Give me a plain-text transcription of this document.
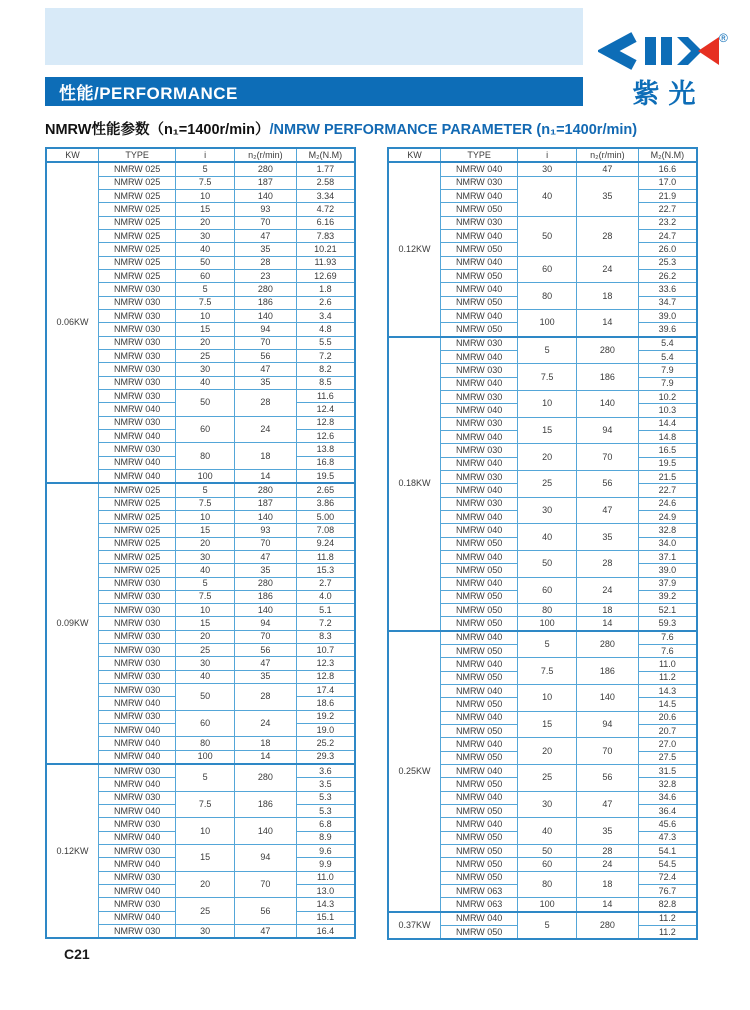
性能/PERFORMANCE
®
紫光
NMRW性能参数（n₁=1400r/min）/NMRW PERFORMANCE PARAMETER (n₁=1400r/min)
KW	TYPE	i	n₂(r/min)	M₂(N.M)
0.06KW	NMRW 025	5	280	1.77
	NMRW 025	7.5	187	2.58
	NMRW 025	10	140	3.34
	NMRW 025	15	93	4.72
	NMRW 025	20	70	6.16
	NMRW 025	30	47	7.83
	NMRW 025	40	35	10.21
	NMRW 025	50	28	11.93
	NMRW 025	60	23	12.69
	NMRW 030	5	280	1.8
	NMRW 030	7.5	186	2.6
	NMRW 030	10	140	3.4
	NMRW 030	15	94	4.8
	NMRW 030	20	70	5.5
	NMRW 030	25	56	7.2
	NMRW 030	30	47	8.2
	NMRW 030	40	35	8.5
	NMRW 030	50	28	11.6
	NMRW 040			12.4
	NMRW 030	60	24	12.8
	NMRW 040			12.6
	NMRW 030	80	18	13.8
	NMRW 040			16.8
	NMRW 040	100	14	19.5
0.09KW	NMRW 025	5	280	2.65
	NMRW 025	7.5	187	3.86
	NMRW 025	10	140	5.00
	NMRW 025	15	93	7.08
	NMRW 025	20	70	9.24
	NMRW 025	30	47	11.8
	NMRW 025	40	35	15.3
	NMRW 030	5	280	2.7
	NMRW 030	7.5	186	4.0
	NMRW 030	10	140	5.1
	NMRW 030	15	94	7.2
	NMRW 030	20	70	8.3
	NMRW 030	25	56	10.7
	NMRW 030	30	47	12.3
	NMRW 030	40	35	12.8
	NMRW 030	50	28	17.4
	NMRW 040			18.6
	NMRW 030	60	24	19.2
	NMRW 040			19.0
	NMRW 040	80	18	25.2
	NMRW 040	100	14	29.3
0.12KW	NMRW 030	5	280	3.6
	NMRW 040			3.5
	NMRW 030	7.5	186	5.3
	NMRW 040			5.3
	NMRW 030	10	140	6.8
	NMRW 040			8.9
	NMRW 030	15	94	9.6
	NMRW 040			9.9
	NMRW 030	20	70	11.0
	NMRW 040			13.0
	NMRW 030	25	56	14.3
	NMRW 040			15.1
	NMRW 030	30	47	16.4
KW	TYPE	i	n₂(r/min)	M₂(N.M)
0.12KW	NMRW 040	30	47	16.6
	NMRW 030	40	35	17.0
	NMRW 040			21.9
	NMRW 050			22.7
	NMRW 030	50	28	23.2
	NMRW 040			24.7
	NMRW 050			26.0
	NMRW 040	60	24	25.3
	NMRW 050			26.2
	NMRW 040	80	18	33.6
	NMRW 050			34.7
	NMRW 040	100	14	39.0
	NMRW 050			39.6
0.18KW	NMRW 030	5	280	5.4
	NMRW 040			5.4
	NMRW 030	7.5	186	7.9
	NMRW 040			7.9
	NMRW 030	10	140	10.2
	NMRW 040			10.3
	NMRW 030	15	94	14.4
	NMRW 040			14.8
	NMRW 030	20	70	16.5
	NMRW 040			19.5
	NMRW 030	25	56	21.5
	NMRW 040			22.7
	NMRW 030	30	47	24.6
	NMRW 040			24.9
	NMRW 040	40	35	32.8
	NMRW 050			34.0
	NMRW 040	50	28	37.1
	NMRW 050			39.0
	NMRW 040	60	24	37.9
	NMRW 050			39.2
	NMRW 050	80	18	52.1
	NMRW 050	100	14	59.3
0.25KW	NMRW 040	5	280	7.6
	NMRW 050			7.6
	NMRW 040	7.5	186	11.0
	NMRW 050			11.2
	NMRW 040	10	140	14.3
	NMRW 050			14.5
	NMRW 040	15	94	20.6
	NMRW 050			20.7
	NMRW 040	20	70	27.0
	NMRW 050			27.5
	NMRW 040	25	56	31.5
	NMRW 050			32.8
	NMRW 040	30	47	34.6
	NMRW 050			36.4
	NMRW 040	40	35	45.6
	NMRW 050			47.3
	NMRW 050	50	28	54.1
	NMRW 050	60	24	54.5
	NMRW 050	80	18	72.4
	NMRW 063			76.7
	NMRW 063	100	14	82.8
0.37KW	NMRW 040	5	280	11.2
	NMRW 050			11.2
C21
